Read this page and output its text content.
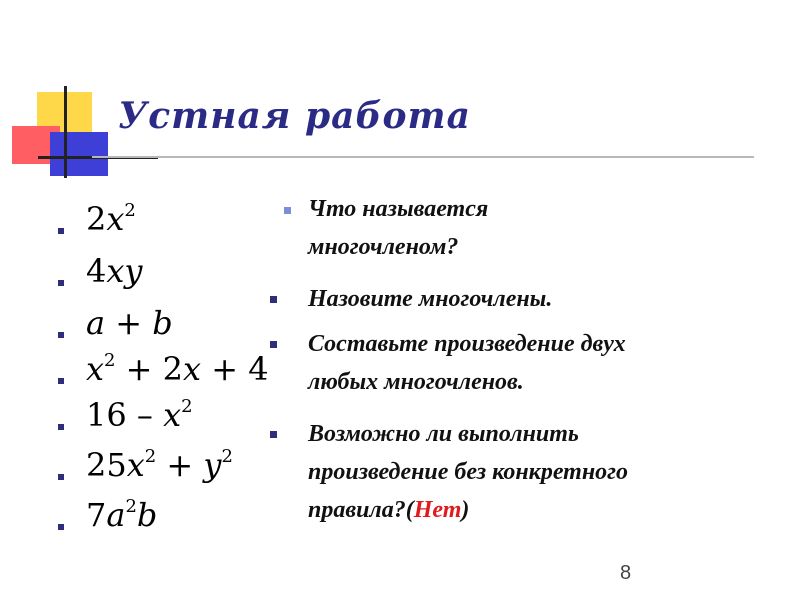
Устная работа
$2x^2$
4xy
a + b
$x^2 + 2x + 4$
$16 - x^2$
$25x^2 + y^2$
$7a^2b$
Что называется
многочленом?
Назовите многочлены.
Составьте произведение двух
любых многочленов.
Возможно ли выполнить
произведение без конкретного
правила?(Нет)
8
